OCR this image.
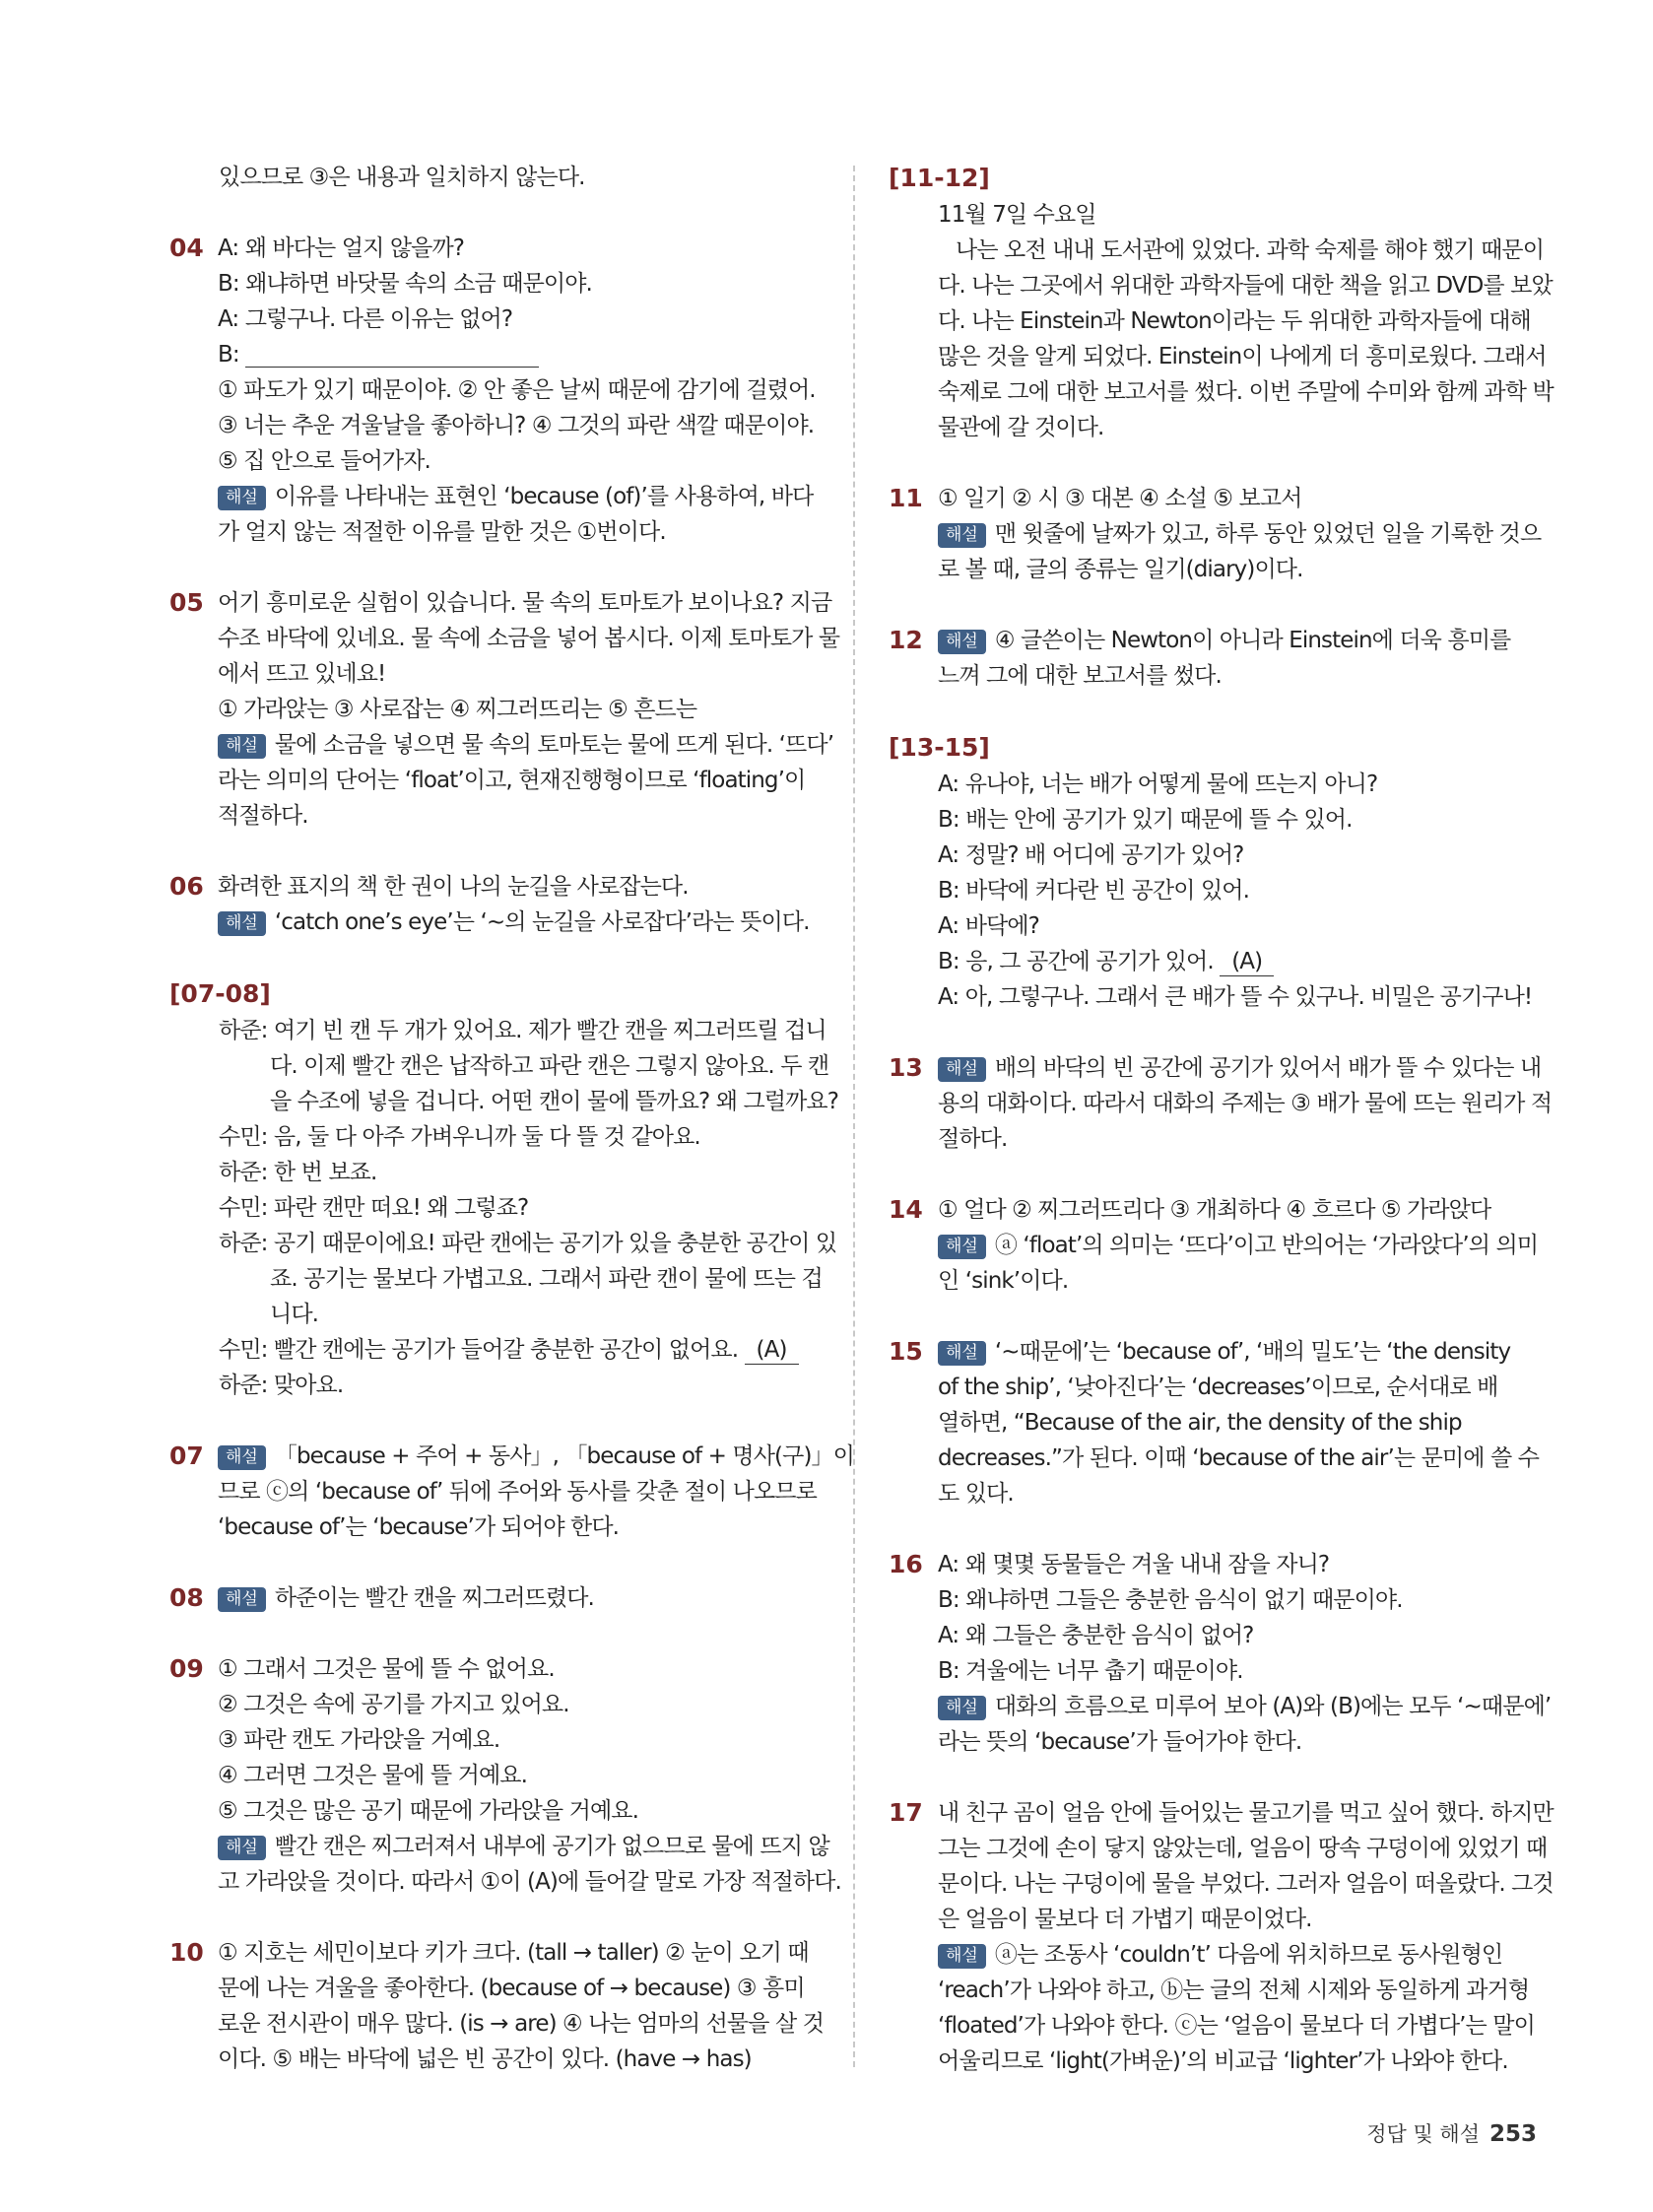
있으므로 ③은 내용과 일치하지 않는다.
04 A: 왜 바다는 얼지 않을까?
B: 왜냐하면 바닷물 속의 소금 때문이야.
A: 그렇구나. 다른 이유는 없어?
B:
① 파도가 있기 때문이야. ② 안 좋은 날씨 때문에 감기에 걸렸어.
③ 너는 추운 겨울날을 좋아하니? ④ 그것의 파란 색깔 때문이야.
⑤ 집 안으로 들어가자.
해설 이유를 나타내는 표현인 ‘because (of)’를 사용하여, 바다
가 얼지 않는 적절한 이유를 말한 것은 ①번이다.
05 어기 흥미로운 실험이 있습니다. 물 속의 토마토가 보이나요? 지금
수조 바닥에 있네요. 물 속에 소금을 넣어 봅시다. 이제 토마토가 물
에서 뜨고 있네요!
① 가라앉는 ③ 사로잡는 ④ 찌그러뜨리는 ⑤ 흔드는
해설 물에 소금을 넣으면 물 속의 토마토는 물에 뜨게 된다. ‘뜨다’
라는 의미의 단어는 ‘float’이고, 현재진행형이므로 ‘floating’이
적절하다.
06 화려한 표지의 책 한 권이 나의 눈길을 사로잡는다.
해설 ‘catch one’s eye’는 ‘~의 눈길을 사로잡다’라는 뜻이다.
[07-08]
하준: 여기 빈 캔 두 개가 있어요. 제가 빨간 캔을 찌그러뜨릴 겁니
다. 이제 빨간 캔은 납작하고 파란 캔은 그렇지 않아요. 두 캔
을 수조에 넣을 겁니다. 어떤 캔이 물에 뜰까요? 왜 그럴까요?
수민: 음, 둘 다 아주 가벼우니까 둘 다 뜰 것 같아요.
하준: 한 번 보죠.
수민: 파란 캔만 떠요! 왜 그렇죠?
하준: 공기 때문이에요! 파란 캔에는 공기가 있을 충분한 공간이 있
죠. 공기는 물보다 가볍고요. 그래서 파란 캔이 물에 뜨는 겁
니다.
수민: 빨간 캔에는 공기가 들어갈 충분한 공간이 없어요. (A)
하준: 맞아요.
07	해설 「because + 주어 + 동사」, 「because of + 명사(구)」이
므로 ⓒ의 ‘because of’ 뒤에 주어와 동사를 갖춘 절이 나오므로
‘because of’는 ‘because’가 되어야 한다.
08	해설 하준이는 빨간 캔을 찌그러뜨렸다.
09 ① 그래서 그것은 물에 뜰 수 없어요.
② 그것은 속에 공기를 가지고 있어요.
③ 파란 캔도 가라앉을 거예요.
④ 그러면 그것은 물에 뜰 거예요.
⑤ 그것은 많은 공기 때문에 가라앉을 거예요.
해설 빨간 캔은 찌그러져서 내부에 공기가 없으므로 물에 뜨지 않
고 가라앉을 것이다. 따라서 ①이 (A)에 들어갈 말로 가장 적절하다.
10 ① 지호는 세민이보다 키가 크다. (tall → taller) ② 눈이 오기 때
문에 나는 겨울을 좋아한다. (because of → because) ③ 흥미
로운 전시관이 매우 많다. (is → are) ④ 나는 엄마의 선물을 살 것
이다. ⑤ 배는 바닥에 넓은 빈 공간이 있다. (have → has)
[11-12]
11월 7일 수요일
나는 오전 내내 도서관에 있었다. 과학 숙제를 해야 했기 때문이
다. 나는 그곳에서 위대한 과학자들에 대한 책을 읽고 DVD를 보았
다. 나는 Einstein과 Newton이라는 두 위대한 과학자들에 대해
많은 것을 알게 되었다. Einstein이 나에게 더 흥미로웠다. 그래서
숙제로 그에 대한 보고서를 썼다. 이번 주말에 수미와 함께 과학 박
물관에 갈 것이다.
11 ① 일기 ② 시 ③ 대본 ④ 소설 ⑤ 보고서
해설 맨 윗줄에 날짜가 있고, 하루 동안 있었던 일을 기록한 것으
로 볼 때, 글의 종류는 일기(diary)이다.
12	해설 ④ 글쓴이는 Newton이 아니라 Einstein에 더욱 흥미를
느껴 그에 대한 보고서를 썼다.
[13-15]
A: 유나야, 너는 배가 어떻게 물에 뜨는지 아니?
B: 배는 안에 공기가 있기 때문에 뜰 수 있어.
A: 정말? 배 어디에 공기가 있어?
B: 바닥에 커다란 빈 공간이 있어.
A: 바닥에?
B: 응, 그 공간에 공기가 있어. (A)
A: 아, 그렇구나. 그래서 큰 배가 뜰 수 있구나. 비밀은 공기구나!
13	해설 배의 바닥의 빈 공간에 공기가 있어서 배가 뜰 수 있다는 내
용의 대화이다. 따라서 대화의 주제는 ③ 배가 물에 뜨는 원리가 적
절하다.
14 ① 얼다 ② 찌그러뜨리다 ③ 개최하다 ④ 흐르다 ⑤ 가라앉다
해설 ⓐ ‘float’의 의미는 ‘뜨다’이고 반의어는 ‘가라앉다’의 의미
인 ‘sink’이다.
15	해설 ‘~때문에’는 ‘because of’, ‘배의 밀도’는 ‘the density
of the ship’, ‘낮아진다’는 ‘decreases’이므로, 순서대로 배
열하면, “Because of the air, the density of the ship
decreases.”가 된다. 이때 ‘because of the air’는 문미에 쓸 수
도 있다.
16 A: 왜 몇몇 동물들은 겨울 내내 잠을 자니?
B: 왜냐하면 그들은 충분한 음식이 없기 때문이야.
A: 왜 그들은 충분한 음식이 없어?
B: 겨울에는 너무 춥기 때문이야.
해설 대화의 흐름으로 미루어 보아 (A)와 (B)에는 모두 ‘~때문에’
라는 뜻의 ‘because’가 들어가야 한다.
17 내 친구 곰이 얼음 안에 들어있는 물고기를 먹고 싶어 했다. 하지만
그는 그것에 손이 닿지 않았는데, 얼음이 땅속 구덩이에 있었기 때
문이다. 나는 구덩이에 물을 부었다. 그러자 얼음이 떠올랐다. 그것
은 얼음이 물보다 더 가볍기 때문이었다.
해설 ⓐ는 조동사 ‘couldn’t’ 다음에 위치하므로 동사원형인
‘reach’가 나와야 하고, ⓑ는 글의 전체 시제와 동일하게 과거형
‘floated’가 나와야 한다. ⓒ는 ‘얼음이 물보다 더 가볍다’는 말이
어울리므로 ‘light(가벼운)’의 비교급 ‘lighter’가 나와야 한다.
정답 및 해설 253
